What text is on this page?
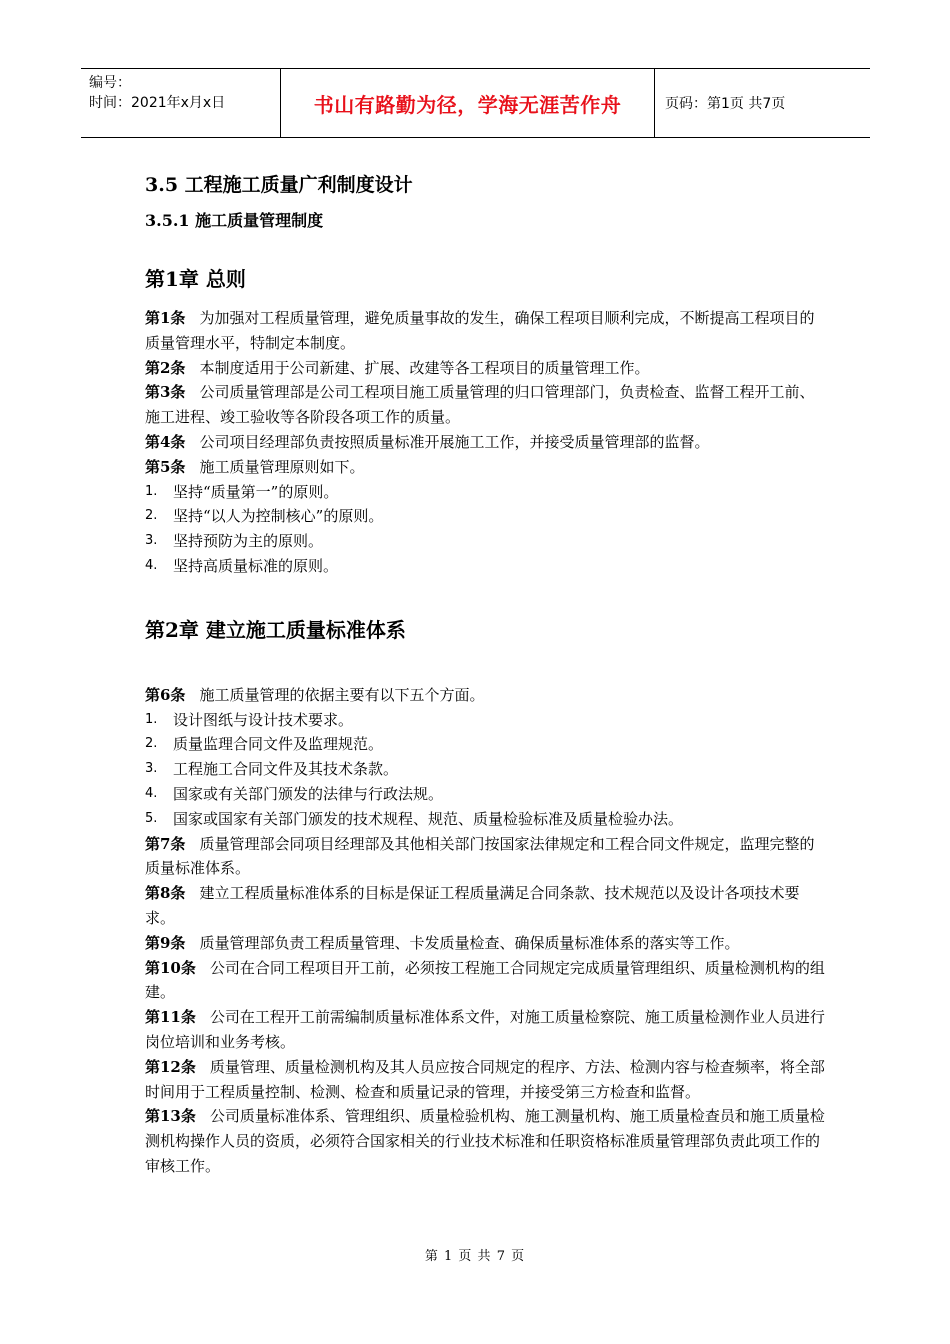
编号：
时间：2021年x月x日	书山有路勤为径，学海无涯苦作舟	页码：第1页 共7页
3.5 工程施工质量广利制度设计
3.5.1 施工质量管理制度
第1章 总则

第1条 为加强对工程质量管理，避免质量事故的发生，确保工程项目顺利完成，不断提高工程项目的质量管理水平，特制定本制度。

第2条 本制度适用于公司新建、扩展、改建等各工程项目的质量管理工作。

第3条 公司质量管理部是公司工程项目施工质量管理的归口管理部门，负责检查、监督工程开工前、施工进程、竣工验收等各阶段各项工作的质量。

第4条 公司项目经理部负责按照质量标准开展施工工作，并接受质量管理部的监督。

第5条 施工质量管理原则如下。

1.	坚持“质量第一”的原则。
2.	坚持“以人为控制核心”的原则。
3.	坚持预防为主的原则。
4.	坚持高质量标准的原则。
第2章 建立施工质量标准体系

第6条 施工质量管理的依据主要有以下五个方面。

1.	设计图纸与设计技术要求。
2.	质量监理合同文件及监理规范。
3.	工程施工合同文件及其技术条款。
4.	国家或有关部门颁发的法律与行政法规。
5.	国家或国家有关部门颁发的技术规程、规范、质量检验标准及质量检验办法。

第7条 质量管理部会同项目经理部及其他相关部门按国家法律规定和工程合同文件规定，监理完整的质量标准体系。

第8条 建立工程质量标准体系的目标是保证工程质量满足合同条款、技术规范以及设计各项技术要求。

第9条 质量管理部负责工程质量管理、卡发质量检查、确保质量标准体系的落实等工作。

第10条 公司在合同工程项目开工前，必须按工程施工合同规定完成质量管理组织、质量检测机构的组建。

第11条 公司在工程开工前需编制质量标准体系文件，对施工质量检察院、施工质量检测作业人员进行岗位培训和业务考核。

第12条 质量管理、质量检测机构及其人员应按合同规定的程序、方法、检测内容与检查频率，将全部时间用于工程质量控制、检测、检查和质量记录的管理，并接受第三方检查和监督。

第13条 公司质量标准体系、管理组织、质量检验机构、施工测量机构、施工质量检查员和施工质量检测机构操作人员的资质，必须符合国家相关的行业技术标准和任职资格标准质量管理部负责此项工作的审核工作。

第 1 页 共 7 页
